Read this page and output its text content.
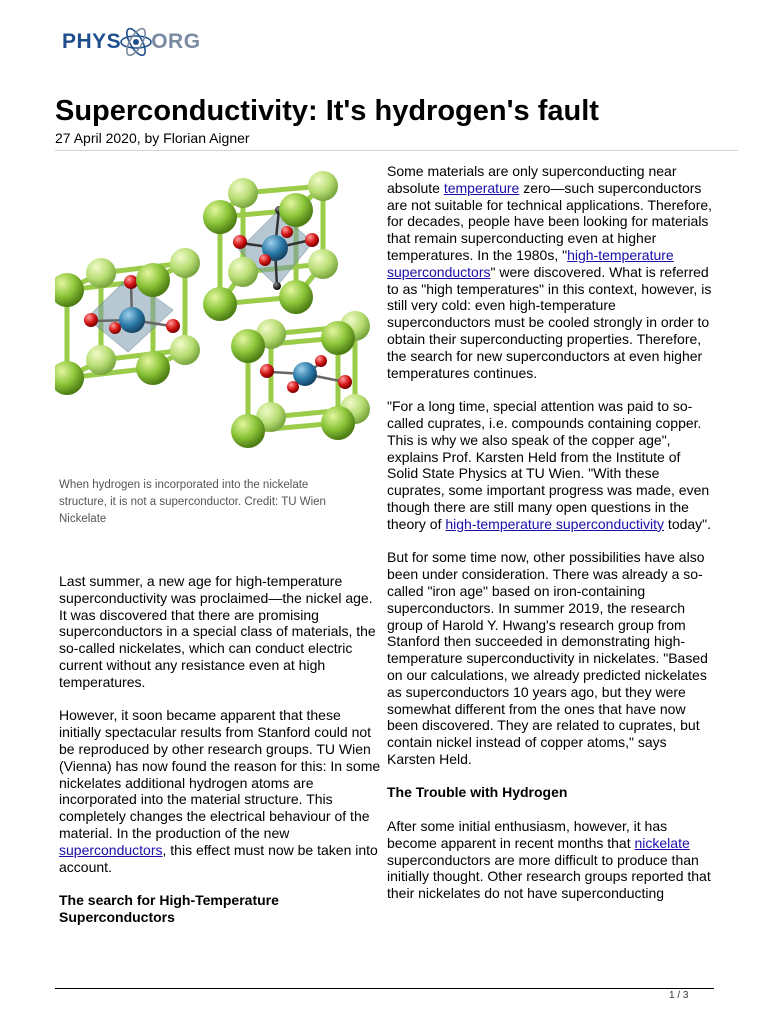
PHYS ORG
Superconductivity: It's hydrogen's fault
27 April 2020, by Florian Aigner
When hydrogen is incorporated into the nickelate structure, it is not a superconductor. Credit: TU Wien Nickelate

Last summer, a new age for high-temperature superconductivity was proclaimed—the nickel age. It was discovered that there are promising superconductors in a special class of materials, the so-called nickelates, which can conduct electric current without any resistance even at high temperatures.

However, it soon became apparent that these initially spectacular results from Stanford could not be reproduced by other research groups. TU Wien (Vienna) has now found the reason for this: In some nickelates additional hydrogen atoms are incorporated into the material structure. This completely changes the electrical behaviour of the material. In the production of the new superconductors, this effect must now be taken into account.

The search for High-Temperature Superconductors

Some materials are only superconducting near absolute temperature zero—such superconductors are not suitable for technical applications. Therefore, for decades, people have been looking for materials that remain superconducting even at higher temperatures. In the 1980s, "high-temperature superconductors" were discovered. What is referred to as "high temperatures" in this context, however, is still very cold: even high-temperature superconductors must be cooled strongly in order to obtain their superconducting properties. Therefore, the search for new superconductors at even higher temperatures continues.

"For a long time, special attention was paid to so-called cuprates, i.e. compounds containing copper. This is why we also speak of the copper age", explains Prof. Karsten Held from the Institute of Solid State Physics at TU Wien. "With these cuprates, some important progress was made, even though there are still many open questions in the theory of high-temperature superconductivity today".

But for some time now, other possibilities have also been under consideration. There was already a so-called "iron age" based on iron-containing superconductors. In summer 2019, the research group of Harold Y. Hwang's research group from Stanford then succeeded in demonstrating high-temperature superconductivity in nickelates. "Based on our calculations, we already predicted nickelates as superconductors 10 years ago, but they were somewhat different from the ones that have now been discovered. They are related to cuprates, but contain nickel instead of copper atoms," says Karsten Held.

The Trouble with Hydrogen

After some initial enthusiasm, however, it has become apparent in recent months that nickelate superconductors are more difficult to produce than initially thought. Other research groups reported that their nickelates do not have superconducting

1 / 3
